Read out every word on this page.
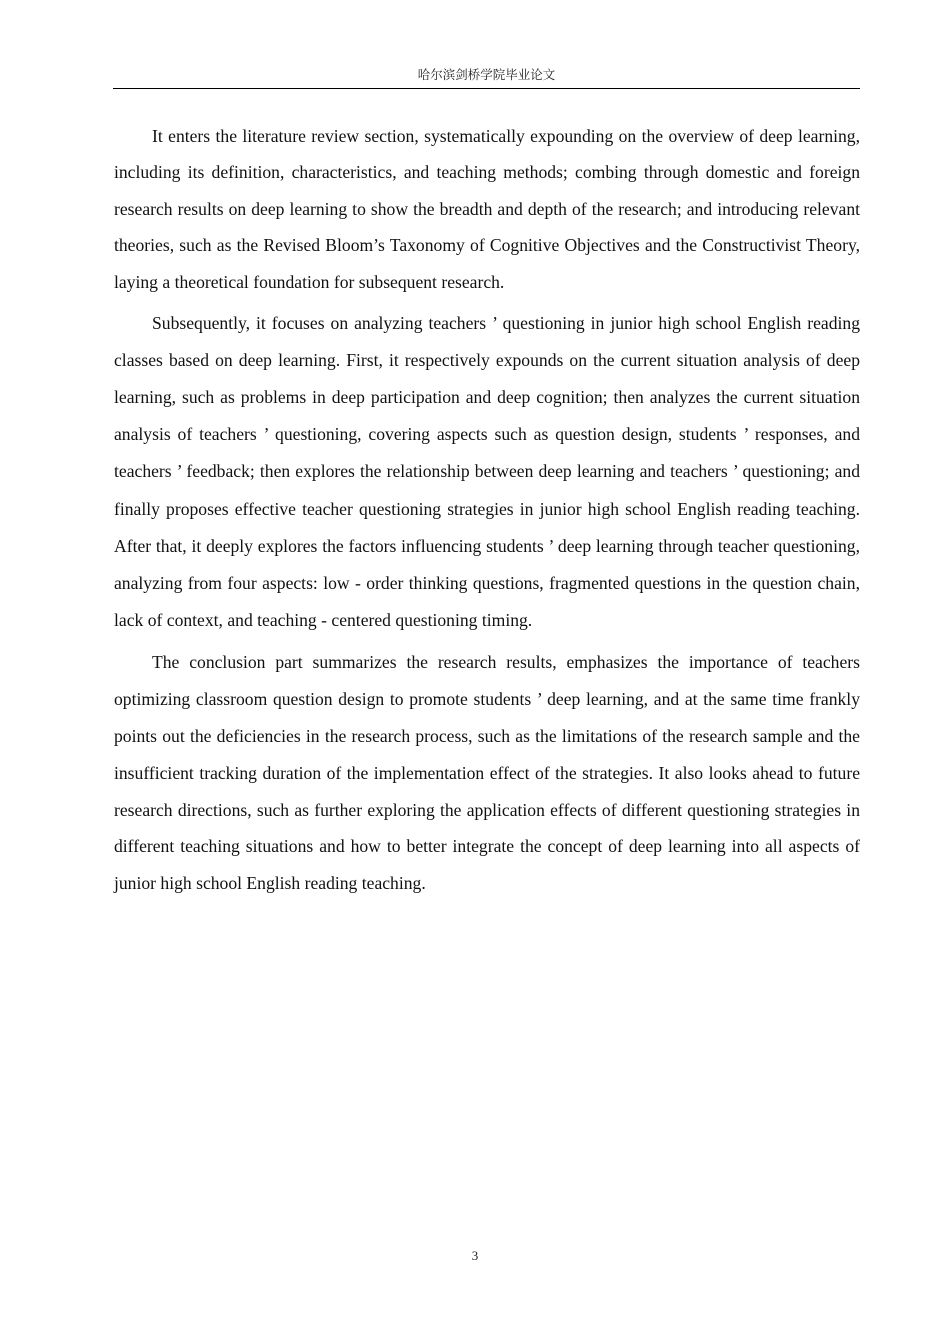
哈尔滨剑桥学院毕业论文

It enters the literature review section, systematically expounding on the overview of deep learning, including its definition, characteristics, and teaching methods; combing through domestic and foreign research results on deep learning to show the breadth and depth of the research; and introducing relevant theories, such as the Revised Bloom’s Taxonomy of Cognitive Objectives and the Constructivist Theory, laying a theoretical foundation for subsequent research.

Subsequently, it focuses on analyzing teachers ’ questioning in junior high school English reading classes based on deep learning. First, it respectively expounds on the current situation analysis of deep learning, such as problems in deep participation and deep cognition; then analyzes the current situation analysis of teachers ’ questioning, covering aspects such as question design, students ’ responses, and teachers ’ feedback; then explores the relationship between deep learning and teachers ’ questioning; and finally proposes effective teacher questioning strategies in junior high school English reading teaching. After that, it deeply explores the factors influencing students ’ deep learning through teacher questioning, analyzing from four aspects: low - order thinking questions, fragmented questions in the question chain, lack of context, and teaching - centered questioning timing.

The conclusion part summarizes the research results, emphasizes the importance of teachers optimizing classroom question design to promote students ’ deep learning, and at the same time frankly points out the deficiencies in the research process, such as the limitations of the research sample and the insufficient tracking duration of the implementation effect of the strategies. It also looks ahead to future research directions, such as further exploring the application effects of different questioning strategies in different teaching situations and how to better integrate the concept of deep learning into all aspects of junior high school English reading teaching.

3
